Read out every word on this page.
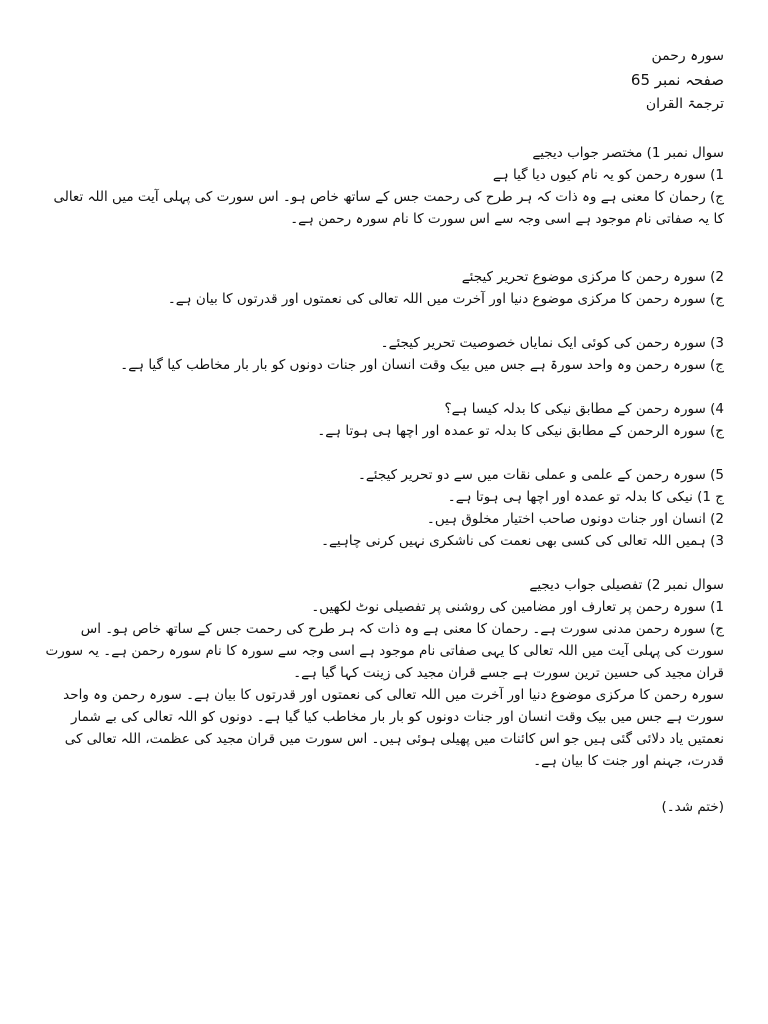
سورہ رحمن

صفحہ نمبر 65

ترجمۃ القران

سوال نمبر 1) مختصر جواب دیجیے

1) سورہ رحمن کو یہ نام کیوں دیا گیا ہے

ج) رحمان کا معنی ہے وہ ذات کہ ہر طرح کی رحمت جس کے ساتھ خاص ہو۔ اس سورت کی پہلی آیت میں اللہ تعالی کا یہ صفاتی نام موجود ہے اسی وجہ سے اس سورت کا نام سورہ رحمن ہے۔

2) سورہ رحمن کا مرکزی موضوع تحریر کیجئے

ج) سورہ رحمن کا مرکزی موضوع دنیا اور آخرت میں اللہ تعالی کی نعمتوں اور قدرتوں کا بیان ہے۔

3) سورہ رحمن کی کوئی ایک نمایاں خصوصیت تحریر کیجئے۔

ج) سورہ رحمن وہ واحد سورۃ ہے جس میں بیک وقت انسان اور جنات دونوں کو بار بار مخاطب کیا گیا ہے۔

4) سورہ رحمن کے مطابق نیکی کا بدلہ کیسا ہے؟

ج) سورہ الرحمن کے مطابق نیکی کا بدلہ تو عمدہ اور اچھا ہی ہوتا ہے۔

5) سورہ رحمن کے علمی و عملی نقات میں سے دو تحریر کیجئے۔

ج 1) نیکی کا بدلہ تو عمدہ اور اچھا ہی ہوتا ہے۔

2) انسان اور جنات دونوں صاحب اختیار مخلوق ہیں۔

3) ہمیں اللہ تعالی کی کسی بھی نعمت کی ناشکری نہیں کرنی چاہیے۔

سوال نمبر 2) تفصیلی جواب دیجیے

1) سورہ رحمن پر تعارف اور مضامین کی روشنی پر تفصیلی نوٹ لکھیں۔

ج) سورہ رحمن مدنی سورت ہے۔ رحمان کا معنی ہے وہ ذات کہ ہر طرح کی رحمت جس کے ساتھ خاص ہو۔ اس سورت کی پہلی آیت میں اللہ تعالی کا یہی صفاتی نام موجود ہے اسی وجہ سے سورہ کا نام سورہ رحمن ہے۔ یہ سورت قران مجید کی حسین ترین سورت ہے جسے قران مجید کی زینت کہا گیا ہے۔

سورہ رحمن کا مرکزی موضوع دنیا اور آخرت میں اللہ تعالی کی نعمتوں اور قدرتوں کا بیان ہے۔ سورہ رحمن وہ واحد سورت ہے جس میں بیک وقت انسان اور جنات دونوں کو بار بار مخاطب کیا گیا ہے۔ دونوں کو اللہ تعالی کی بے شمار نعمتیں یاد دلائی گئی ہیں جو اس کائنات میں پھیلی ہوئی ہیں۔ اس سورت میں قران مجید کی عظمت، اللہ تعالی کی قدرت، جہنم اور جنت کا بیان ہے۔

(ختم شد۔)
